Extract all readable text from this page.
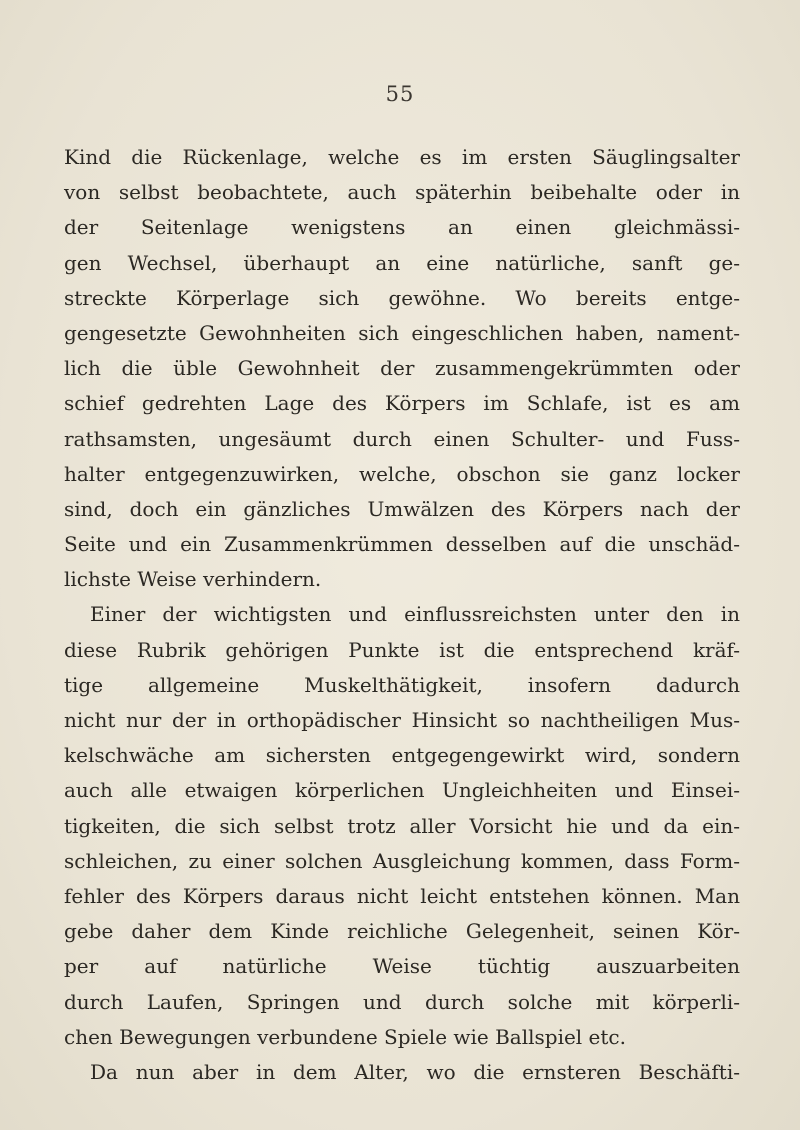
55
Kind die Rückenlage, welche es im ersten Säuglingsalter
von selbst beobachtete, auch späterhin beibehalte oder in
der Seitenlage wenigstens an einen gleichmässi-
gen Wechsel, überhaupt an eine natürliche, sanft ge-
streckte Körperlage sich gewöhne. Wo bereits entge-
gengesetzte Gewohnheiten sich eingeschlichen haben, nament-
lich die üble Gewohnheit der zusammengekrümmten oder
schief gedrehten Lage des Körpers im Schlafe, ist es am
rathsamsten, ungesäumt durch einen Schulter- und Fuss-
halter entgegenzuwirken, welche, obschon sie ganz locker
sind, doch ein gänzliches Umwälzen des Körpers nach der
Seite und ein Zusammenkrümmen desselben auf die unschäd-
lichste Weise verhindern.
Einer der wichtigsten und einflussreichsten unter den in
diese Rubrik gehörigen Punkte ist die entsprechend kräf-
tige allgemeine Muskelthätigkeit, insofern dadurch
nicht nur der in orthopädischer Hinsicht so nachtheiligen Mus-
kelschwäche am sichersten entgegengewirkt wird, sondern
auch alle etwaigen körperlichen Ungleichheiten und Einsei-
tigkeiten, die sich selbst trotz aller Vorsicht hie und da ein-
schleichen, zu einer solchen Ausgleichung kommen, dass Form-
fehler des Körpers daraus nicht leicht entstehen können. Man
gebe daher dem Kinde reichliche Gelegenheit, seinen Kör-
per auf natürliche Weise tüchtig auszuarbeiten
durch Laufen, Springen und durch solche mit körperli-
chen Bewegungen verbundene Spiele wie Ballspiel etc.
Da nun aber in dem Alter, wo die ernsteren Beschäfti-
